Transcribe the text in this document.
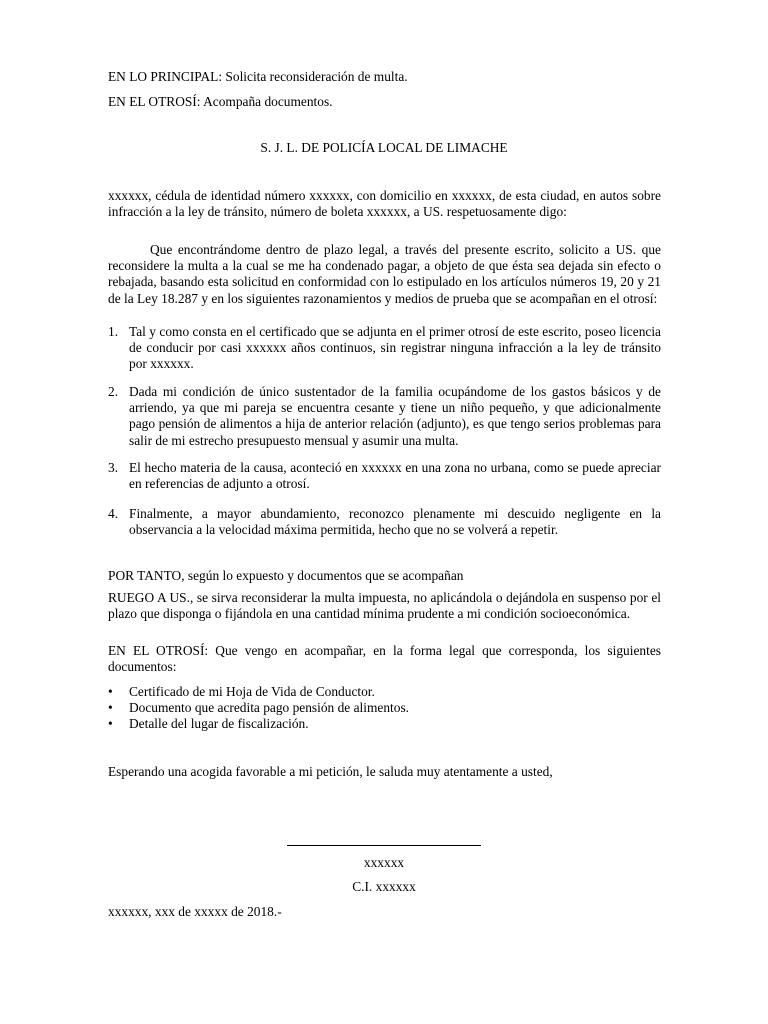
EN LO PRINCIPAL: Solicita reconsideración de multa.
EN EL OTROSÍ: Acompaña documentos.
S. J. L. DE POLICÍA LOCAL DE LIMACHE
xxxxxx, cédula de identidad número xxxxxx, con domicilio en xxxxxx, de esta ciudad, en autos sobre infracción a la ley de tránsito, número de boleta xxxxxx, a US. respetuosamente digo:
Que encontrándome dentro de plazo legal, a través del presente escrito, solicito a US. que reconsidere la multa a la cual se me ha condenado pagar, a objeto de que ésta sea dejada sin efecto o rebajada, basando esta solicitud en conformidad con lo estipulado en los artículos números 19, 20 y 21 de la Ley 18.287 y en los siguientes razonamientos y medios de prueba que se acompañan en el otrosí:
1. Tal y como consta en el certificado que se adjunta en el primer otrosí de este escrito, poseo licencia de conducir por casi xxxxxx años continuos, sin registrar ninguna infracción a la ley de tránsito por xxxxxx.
2. Dada mi condición de único sustentador de la familia ocupándome de los gastos básicos y de arriendo, ya que mi pareja se encuentra cesante y tiene un niño pequeño, y que adicionalmente pago pensión de alimentos a hija de anterior relación (adjunto), es que tengo serios problemas para salir de mi estrecho presupuesto mensual y asumir una multa.
3. El hecho materia de la causa, aconteció en xxxxxx en una zona no urbana, como se puede apreciar en referencias de adjunto a otrosí.
4. Finalmente, a mayor abundamiento, reconozco plenamente mi descuido negligente en la observancia a la velocidad máxima permitida, hecho que no se volverá a repetir.
POR TANTO, según lo expuesto y documentos que se acompañan
RUEGO A US., se sirva reconsiderar la multa impuesta, no aplicándola o dejándola en suspenso por el plazo que disponga o fijándola en una cantidad mínima prudente a mi condición socioeconómica.
EN EL OTROSÍ: Que vengo en acompañar, en la forma legal que corresponda, los siguientes documentos:
• Certificado de mi Hoja de Vida de Conductor.
• Documento que acredita pago pensión de alimentos.
• Detalle del lugar de fiscalización.
Esperando una acogida favorable a mi petición, le saluda muy atentamente a usted,
xxxxxx
C.I. xxxxxx
xxxxxx, xxx de xxxxx de 2018.-
